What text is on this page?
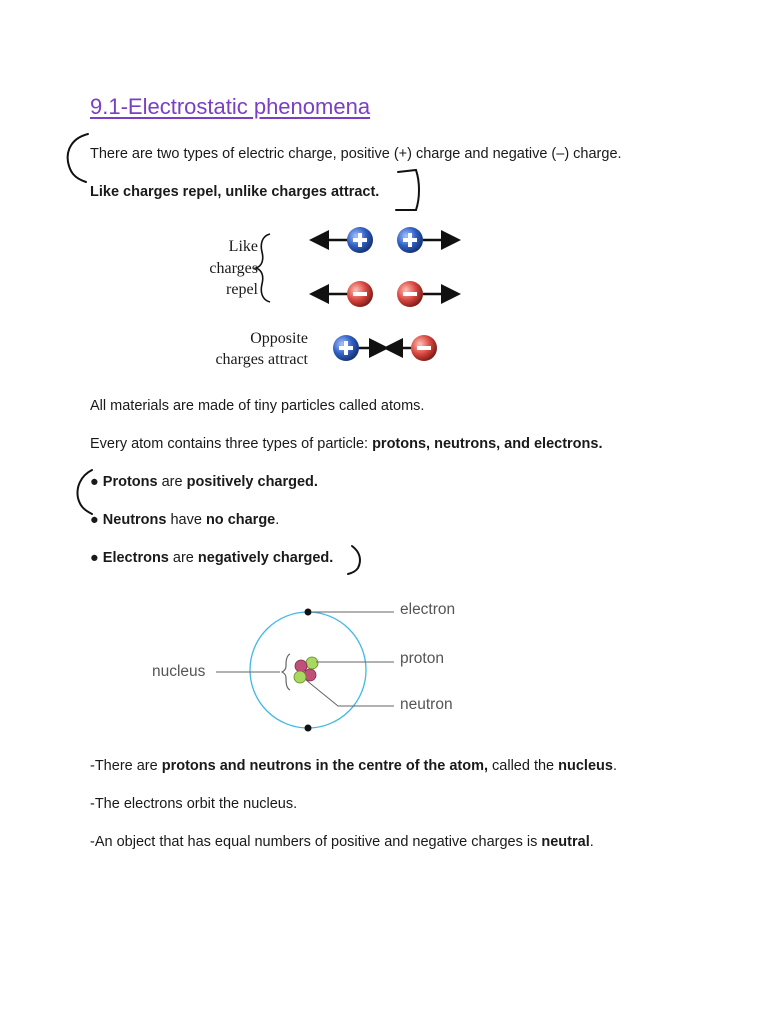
9.1-Electrostatic phenomena

There are two types of electric charge, positive (+) charge and negative (–) charge.

Like charges repel, unlike charges attract.

Like
charges
repel
Opposite
charges attract

All materials are made of tiny particles called atoms.

Every atom contains three types of particle: protons, neutrons, and electrons.

● Protons are positively charged.

● Neutrons have no charge.

● Electrons are negatively charged.

electron
proton
neutron
nucleus

-There are protons and neutrons in the centre of the atom, called the nucleus.

-The electrons orbit the nucleus.

-An object that has equal numbers of positive and negative charges is neutral.
